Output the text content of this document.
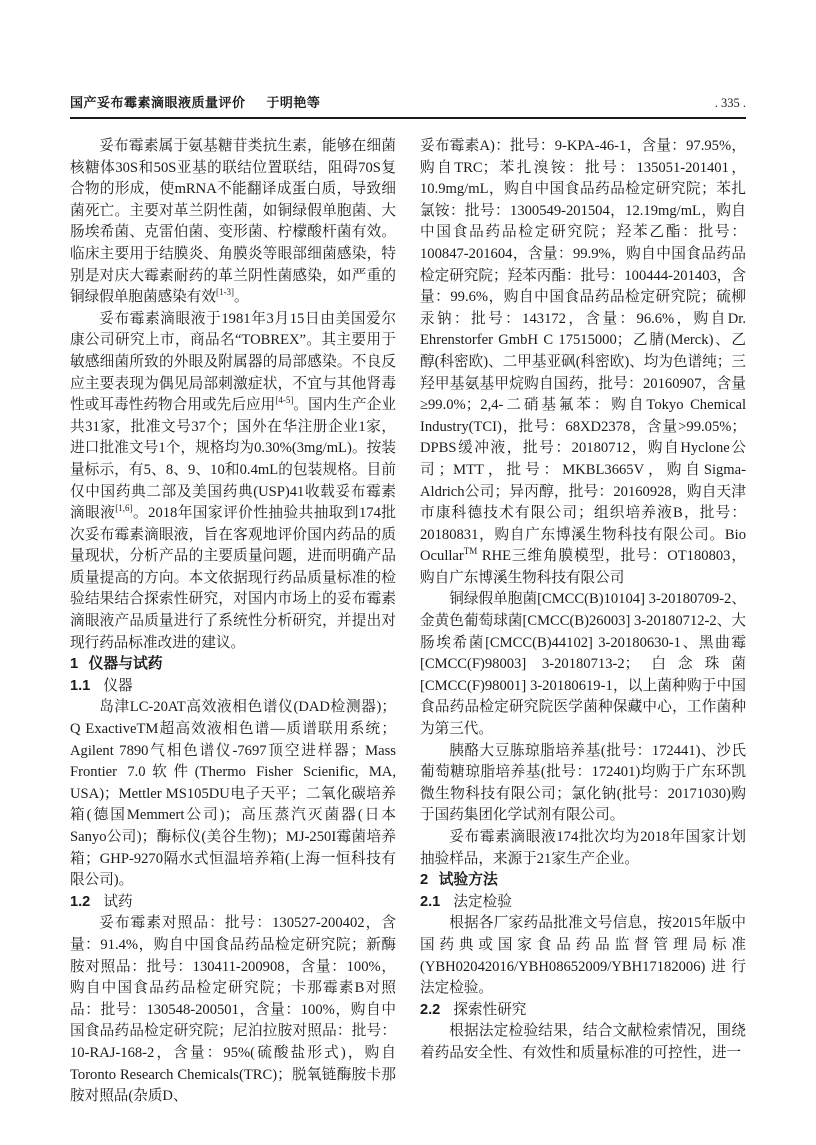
国产妥布霉素滴眼液质量评价 于明艳等	. 335 .

妥布霉素属于氨基糖苷类抗生素，能够在细菌核糖体30S和50S亚基的联结位置联结，阻碍70S复合物的形成，使mRNA不能翻译成蛋白质，导致细菌死亡。主要对革兰阴性菌，如铜绿假单胞菌、大肠埃希菌、克雷伯菌、变形菌、柠檬酸杆菌有效。临床主要用于结膜炎、角膜炎等眼部细菌感染，特别是对庆大霉素耐药的革兰阴性菌感染，如严重的铜绿假单胞菌感染有效[1-3]。

妥布霉素滴眼液于1981年3月15日由美国爱尔康公司研究上市，商品名“TOBREX”。其主要用于敏感细菌所致的外眼及附属器的局部感染。不良反应主要表现为偶见局部刺激症状，不宜与其他肾毒性或耳毒性药物合用或先后应用[4-5]。国内生产企业共31家，批准文号37个；国外在华注册企业1家，进口批准文号1个，规格均为0.30%(3mg/mL)。按装量标示，有5、8、9、10和0.4mL的包装规格。目前仅中国药典二部及美国药典(USP)41收载妥布霉素滴眼液[1,6]。2018年国家评价性抽验共抽取到174批次妥布霉素滴眼液，旨在客观地评价国内药品的质量现状，分析产品的主要质量问题，进而明确产品质量提高的方向。本文依据现行药品质量标准的检验结果结合探索性研究，对国内市场上的妥布霉素滴眼液产品质量进行了系统性分析研究，并提出对现行药品标准改进的建议。

1 仪器与试药
1.1 仪器

岛津LC-20AT高效液相色谱仪(DAD检测器)；Q ExactiveTM超高效液相色谱—质谱联用系统；Agilent 7890气相色谱仪-7697顶空进样器；Mass Frontier 7.0软件(Thermo Fisher Scienific, MA, USA)；Mettler MS105DU电子天平；二氧化碳培养箱(德国Memmert公司)；高压蒸汽灭菌器(日本Sanyo公司)；酶标仪(美谷生物)；MJ-250I霉菌培养箱；GHP-9270隔水式恒温培养箱(上海一恒科技有限公司)。

1.2 试药

妥布霉素对照品：批号：130527-200402，含量：91.4%，购自中国食品药品检定研究院；新酶胺对照品：批号：130411-200908，含量：100%，购自中国食品药品检定研究院；卡那霉素B对照品：批号：130548-200501，含量：100%，购自中国食品药品检定研究院；尼泊拉胺对照品：批号：10-RAJ-168-2，含量：95%(硫酸盐形式)，购自Toronto Research Chemicals(TRC)；脱氧链酶胺卡那胺对照品(杂质D、

妥布霉素A)：批号：9-KPA-46-1，含量：97.95%，购自TRC；苯扎溴铵：批号：135051-201401，10.9mg/mL，购自中国食品药品检定研究院；苯扎氯铵：批号：1300549-201504，12.19mg/mL，购自中国食品药品检定研究院；羟苯乙酯：批号：100847-201604，含量：99.9%，购自中国食品药品检定研究院；羟苯丙酯：批号：100444-201403，含量：99.6%，购自中国食品药品检定研究院；硫柳汞钠：批号：143172，含量：96.6%，购自Dr. Ehrenstorfer GmbH C 17515000；乙腈(Merck)、乙醇(科密欧)、二甲基亚砜(科密欧)、均为色谱纯；三羟甲基氨基甲烷购自国药，批号：20160907，含量≥99.0%；2,4-二硝基氟苯：购自Tokyo Chemical Industry(TCI)，批号：68XD2378，含量>99.05%；DPBS缓冲液，批号：20180712，购自Hyclone公司；MTT，批号：MKBL3665V，购自Sigma-Aldrich公司；异丙醇，批号：20160928，购自天津市康科德技术有限公司；组织培养液B，批号：20180831，购自广东博溪生物科技有限公司。Bio Ocullar™ RHE三维角膜模型，批号：OT180803，购自广东博溪生物科技有限公司

铜绿假单胞菌[CMCC(B)10104] 3-20180709-2、金黄色葡萄球菌[CMCC(B)26003] 3-20180712-2、大肠埃希菌[CMCC(B)44102] 3-20180630-1、黑曲霉[CMCC(F)98003] 3-20180713-2；白念珠菌[CMCC(F)98001] 3-20180619-1，以上菌种购于中国食品药品检定研究院医学菌种保藏中心，工作菌种为第三代。

胰酪大豆胨琼脂培养基(批号：172441)、沙氏葡萄糖琼脂培养基(批号：172401)均购于广东环凯微生物科技有限公司；氯化钠(批号：20171030)购于国药集团化学试剂有限公司。

妥布霉素滴眼液174批次均为2018年国家计划抽验样品，来源于21家生产企业。

2 试验方法
2.1 法定检验

根据各厂家药品批准文号信息，按2015年版中国药典或国家食品药品监督管理局标准(YBH02042016/YBH08652009/YBH17182006)进行法定检验。

2.2 探索性研究

根据法定检验结果，结合文献检索情况，围绕着药品安全性、有效性和质量标准的可控性，进一
